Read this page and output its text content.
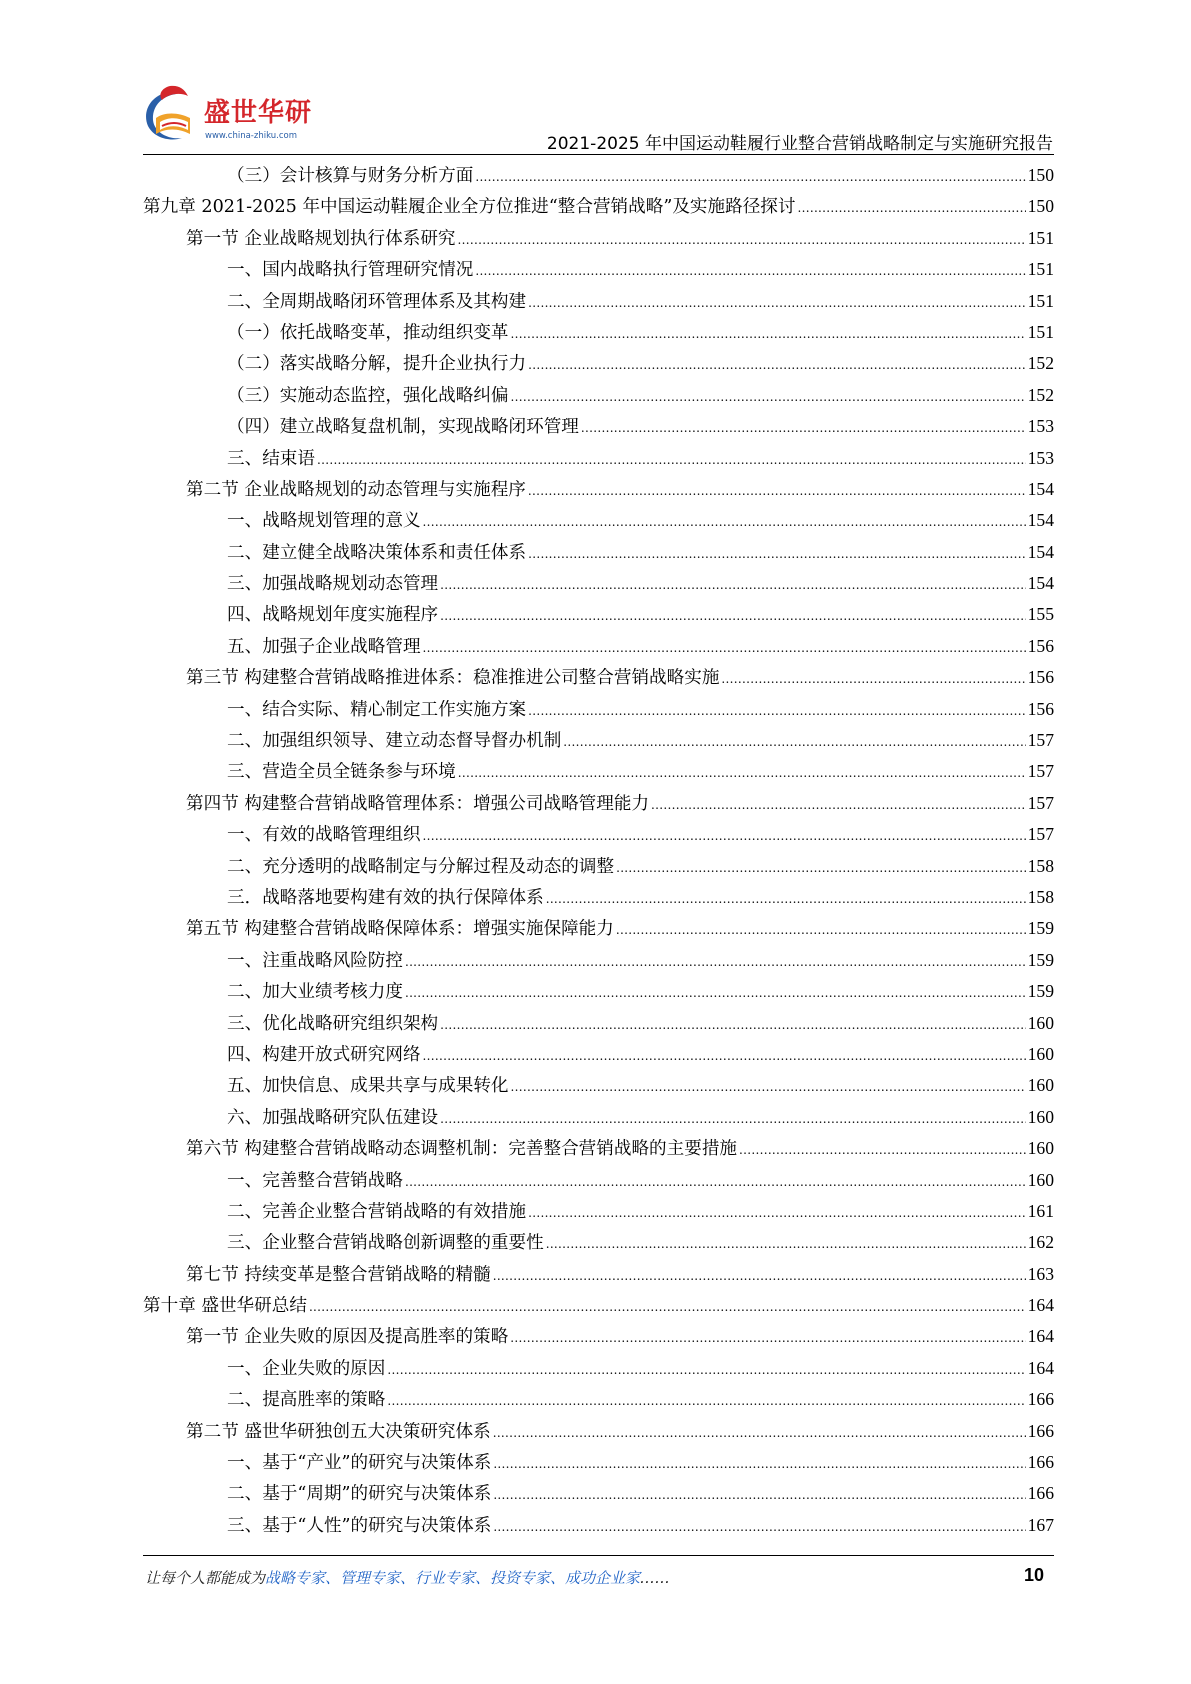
盛世华研
www.china-zhiku.com	2021-2025 年中国运动鞋履行业整合营销战略制定与实施研究报告
（三）会计核算与财务分析方面 .....	150
第九章 2021-2025 年中国运动鞋履企业全方位推进“整合营销战略”及实施路径探讨 .....	150
第一节 企业战略规划执行体系研究 .....	151
一、国内战略执行管理研究情况 .....	151
二、全周期战略闭环管理体系及其构建 .....	151
（一）依托战略变革，推动组织变革 .....	151
（二）落实战略分解，提升企业执行力 .....	152
（三）实施动态监控，强化战略纠偏 .....	152
（四）建立战略复盘机制，实现战略闭环管理 .....	153
三、结束语 .....	153
第二节 企业战略规划的动态管理与实施程序 .....	154
一、战略规划管理的意义 .....	154
二、建立健全战略决策体系和责任体系 .....	154
三、加强战略规划动态管理 .....	154
四、战略规划年度实施程序 .....	155
五、加强子企业战略管理 .....	156
第三节 构建整合营销战略推进体系：稳准推进公司整合营销战略实施 .....	156
一、结合实际、精心制定工作实施方案 .....	156
二、加强组织领导、建立动态督导督办机制 .....	157
三、营造全员全链条参与环境 .....	157
第四节 构建整合营销战略管理体系：增强公司战略管理能力 .....	157
一、有效的战略管理组织 .....	157
二、充分透明的战略制定与分解过程及动态的调整 .....	158
三．战略落地要构建有效的执行保障体系 .....	158
第五节 构建整合营销战略保障体系：增强实施保障能力 .....	159
一、注重战略风险防控 .....	159
二、加大业绩考核力度 .....	159
三、优化战略研究组织架构 .....	160
四、构建开放式研究网络 .....	160
五、加快信息、成果共享与成果转化 .....	160
六、加强战略研究队伍建设 .....	160
第六节 构建整合营销战略动态调整机制：完善整合营销战略的主要措施 .....	160
一、完善整合营销战略 .....	160
二、完善企业整合营销战略的有效措施 .....	161
三、企业整合营销战略创新调整的重要性 .....	162
第七节 持续变革是整合营销战略的精髓 .....	163
第十章 盛世华研总结 .....	164
第一节 企业失败的原因及提高胜率的策略 .....	164
一、企业失败的原因 .....	164
二、提高胜率的策略 .....	166
第二节 盛世华研独创五大决策研究体系 .....	166
一、基于“产业”的研究与决策体系 .....	166
二、基于“周期”的研究与决策体系 .....	166
三、基于“人性”的研究与决策体系 .....	167
让每个人都能成为战略专家、管理专家、行业专家、投资专家、成功企业家……	10
